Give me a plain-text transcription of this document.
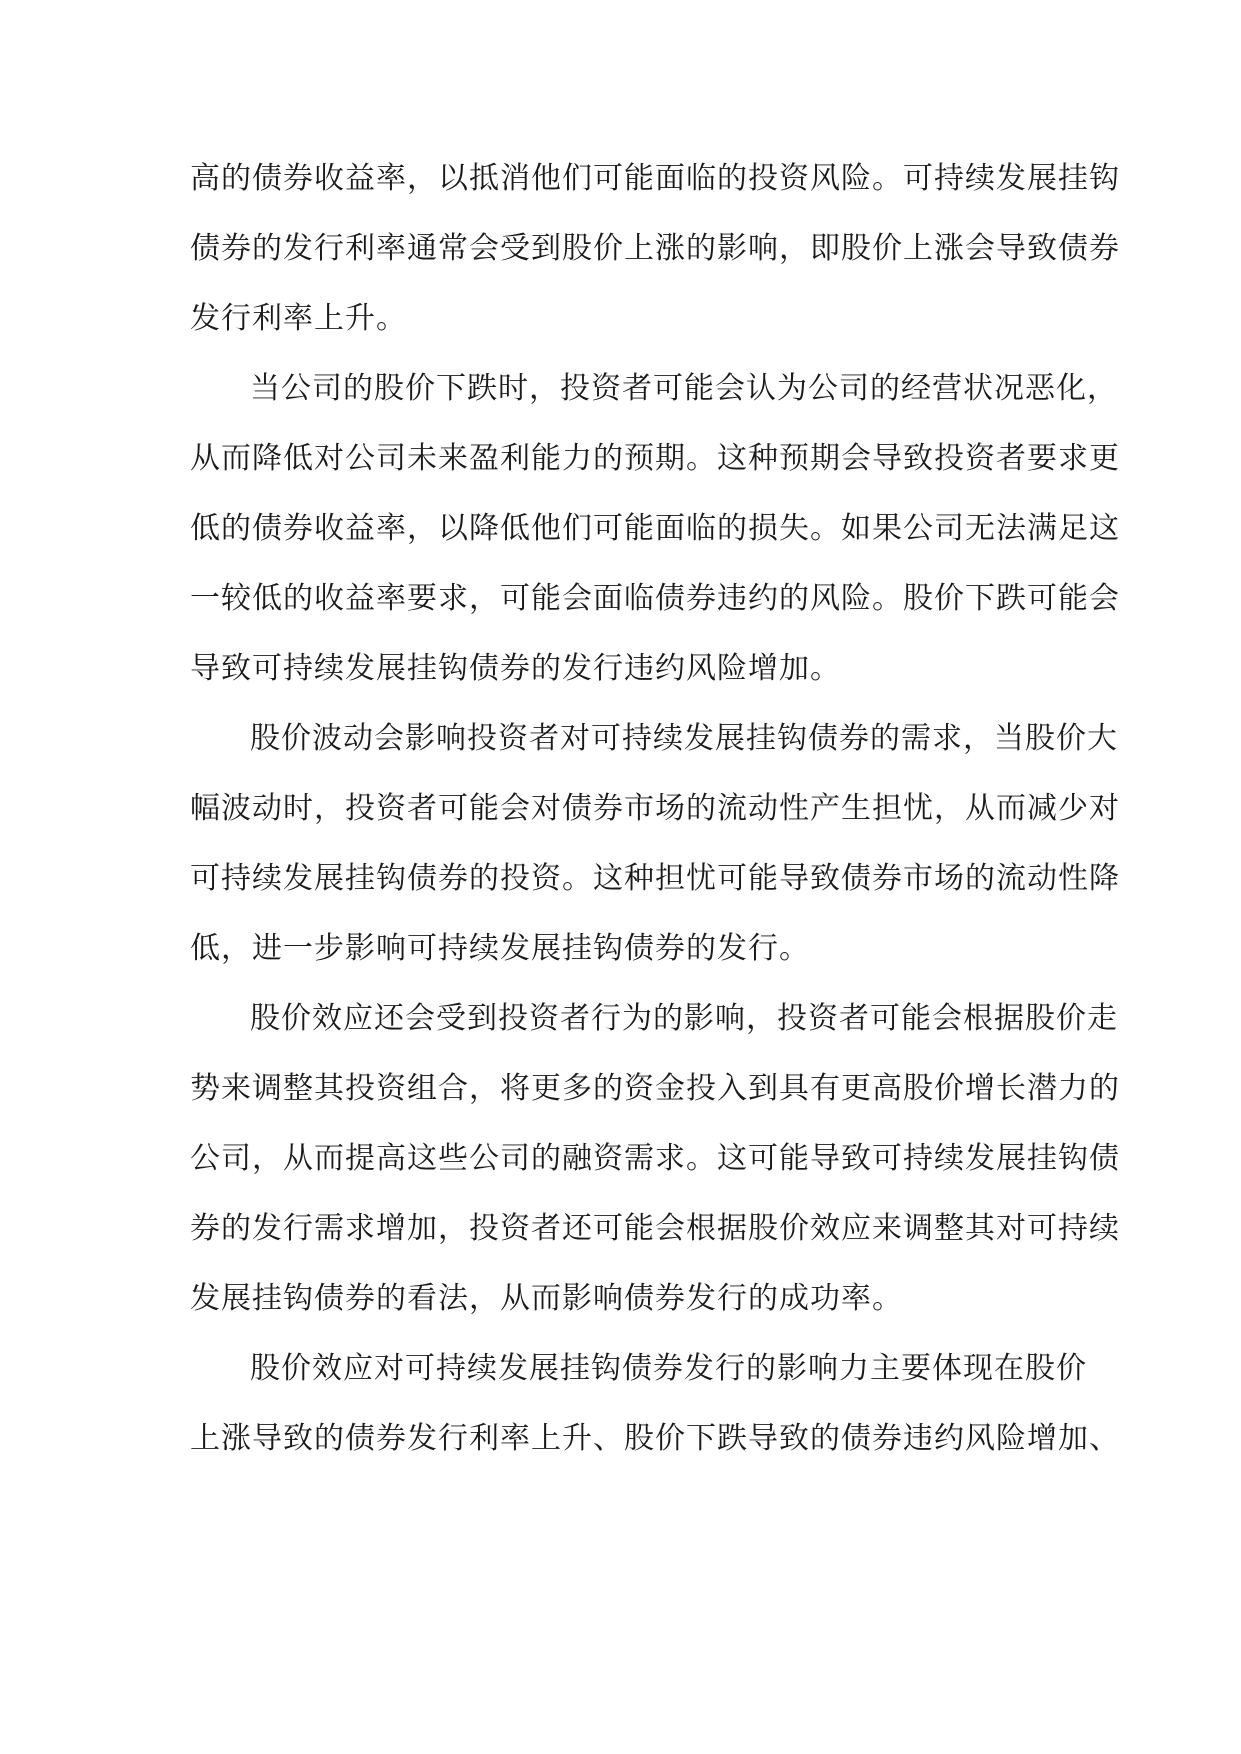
高的债券收益率，以抵消他们可能面临的投资风险。可持续发展挂钩
债券的发行利率通常会受到股价上涨的影响，即股价上涨会导致债券
发行利率上升。
当公司的股价下跌时，投资者可能会认为公司的经营状况恶化，
从而降低对公司未来盈利能力的预期。这种预期会导致投资者要求更
低的债券收益率，以降低他们可能面临的损失。如果公司无法满足这
一较低的收益率要求，可能会面临债券违约的风险。股价下跌可能会
导致可持续发展挂钩债券的发行违约风险增加。
股价波动会影响投资者对可持续发展挂钩债券的需求，当股价大
幅波动时，投资者可能会对债券市场的流动性产生担忧，从而减少对
可持续发展挂钩债券的投资。这种担忧可能导致债券市场的流动性降
低，进一步影响可持续发展挂钩债券的发行。
股价效应还会受到投资者行为的影响，投资者可能会根据股价走
势来调整其投资组合，将更多的资金投入到具有更高股价增长潜力的
公司，从而提高这些公司的融资需求。这可能导致可持续发展挂钩债
券的发行需求增加，投资者还可能会根据股价效应来调整其对可持续
发展挂钩债券的看法，从而影响债券发行的成功率。
股价效应对可持续发展挂钩债券发行的影响力主要体现在股价
上涨导致的债券发行利率上升、股价下跌导致的债券违约风险增加、
